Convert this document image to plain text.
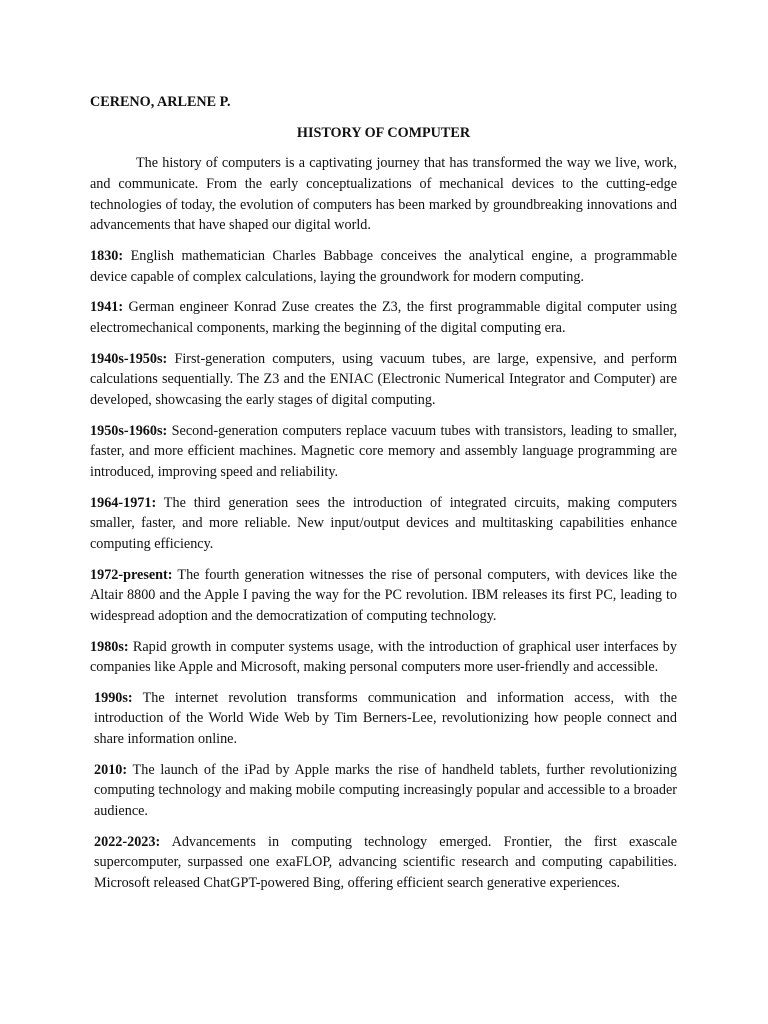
CERENO, ARLENE P.
HISTORY OF COMPUTER

The history of computers is a captivating journey that has transformed the way we live, work, and communicate. From the early conceptualizations of mechanical devices to the cutting-edge technologies of today, the evolution of computers has been marked by groundbreaking innovations and advancements that have shaped our digital world.

1830: English mathematician Charles Babbage conceives the analytical engine, a programmable device capable of complex calculations, laying the groundwork for modern computing.

1941: German engineer Konrad Zuse creates the Z3, the first programmable digital computer using electromechanical components, marking the beginning of the digital computing era.

1940s-1950s: First-generation computers, using vacuum tubes, are large, expensive, and perform calculations sequentially. The Z3 and the ENIAC (Electronic Numerical Integrator and Computer) are developed, showcasing the early stages of digital computing.

1950s-1960s: Second-generation computers replace vacuum tubes with transistors, leading to smaller, faster, and more efficient machines. Magnetic core memory and assembly language programming are introduced, improving speed and reliability.

1964-1971: The third generation sees the introduction of integrated circuits, making computers smaller, faster, and more reliable. New input/output devices and multitasking capabilities enhance computing efficiency.

1972-present: The fourth generation witnesses the rise of personal computers, with devices like the Altair 8800 and the Apple I paving the way for the PC revolution. IBM releases its first PC, leading to widespread adoption and the democratization of computing technology.

1980s: Rapid growth in computer systems usage, with the introduction of graphical user interfaces by companies like Apple and Microsoft, making personal computers more user-friendly and accessible.

1990s: The internet revolution transforms communication and information access, with the introduction of the World Wide Web by Tim Berners-Lee, revolutionizing how people connect and share information online.

2010: The launch of the iPad by Apple marks the rise of handheld tablets, further revolutionizing computing technology and making mobile computing increasingly popular and accessible to a broader audience.

2022-2023: Advancements in computing technology emerged. Frontier, the first exascale supercomputer, surpassed one exaFLOP, advancing scientific research and computing capabilities. Microsoft released ChatGPT-powered Bing, offering efficient search generative experiences.
